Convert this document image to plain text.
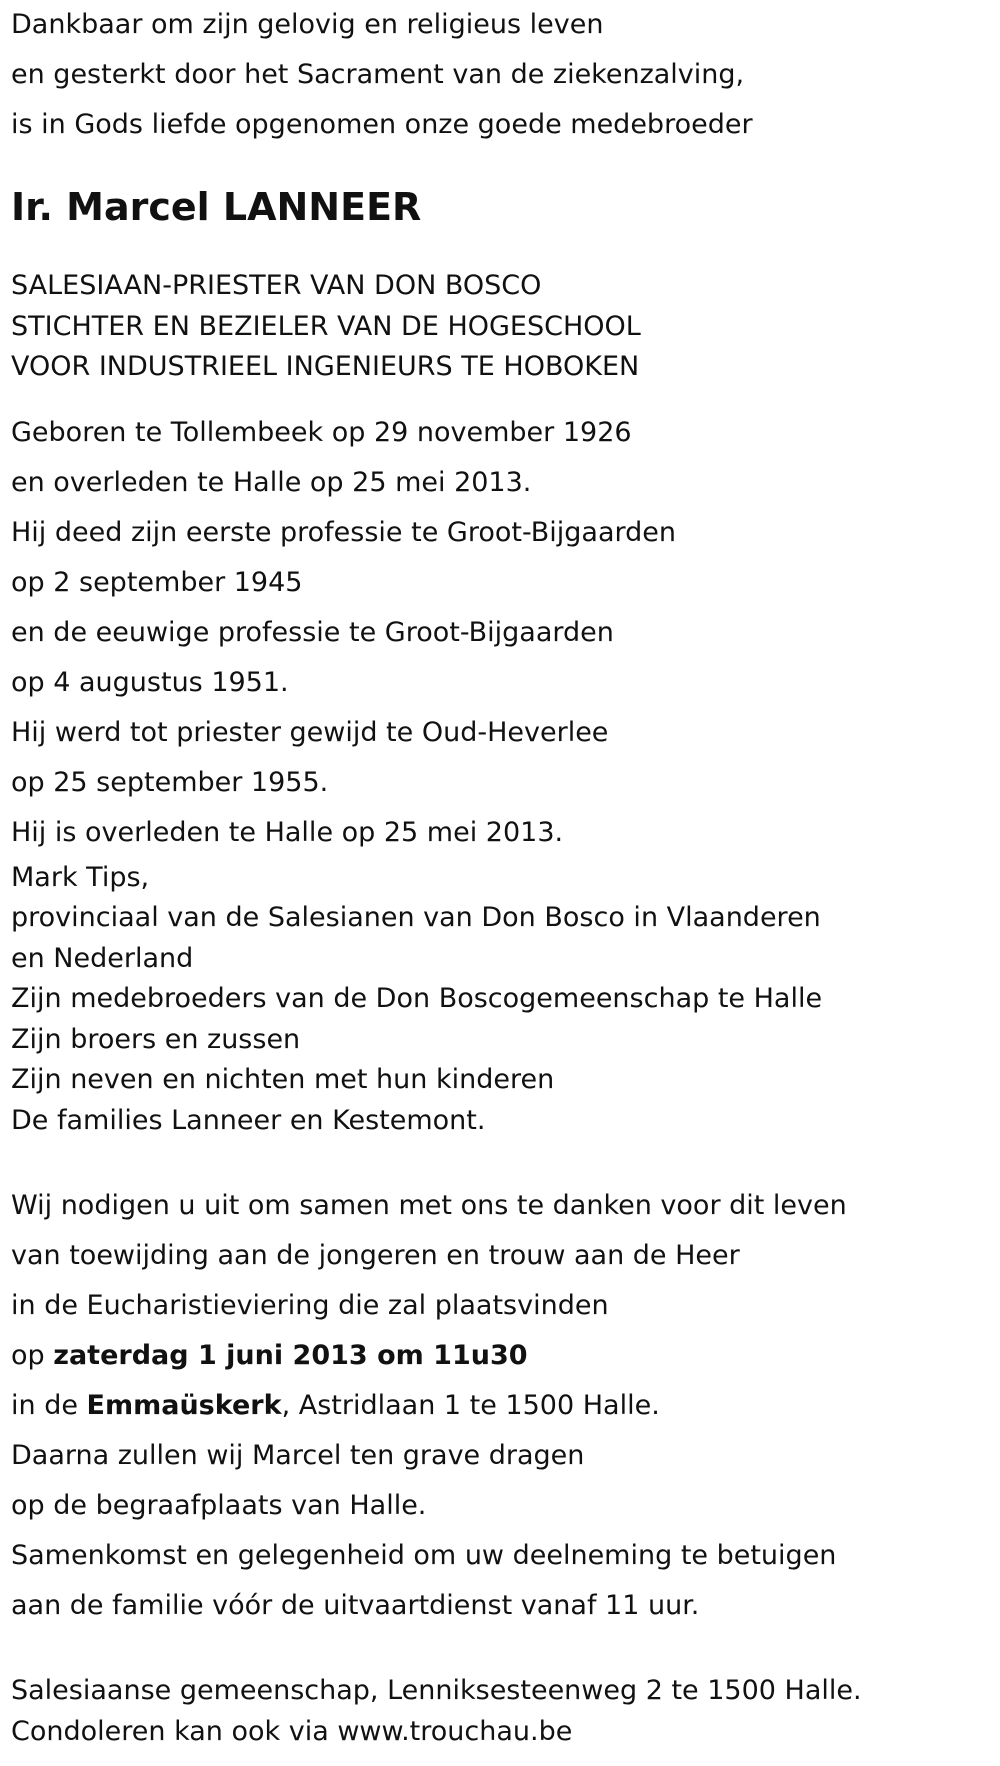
Dankbaar om zijn gelovig en religieus leven

en gesterkt door het Sacrament van de ziekenzalving,

is in Gods liefde opgenomen onze goede medebroeder

Ir. Marcel LANNEER

SALESIAAN-PRIESTER VAN DON BOSCO

STICHTER EN BEZIELER VAN DE HOGESCHOOL

VOOR INDUSTRIEEL INGENIEURS TE HOBOKEN

Geboren te Tollembeek op 29 november 1926

en overleden te Halle op 25 mei 2013.

Hij deed zijn eerste professie te Groot-Bijgaarden

op 2 september 1945

en de eeuwige professie te Groot-Bijgaarden

op 4 augustus 1951.

Hij werd tot priester gewijd te Oud-Heverlee

op 25 september 1955.

Hij is overleden te Halle op 25 mei 2013.

Mark Tips,

provinciaal van de Salesianen van Don Bosco in Vlaanderen

en Nederland

Zijn medebroeders van de Don Boscogemeenschap te Halle

Zijn broers en zussen

Zijn neven en nichten met hun kinderen

De families Lanneer en Kestemont.

Wij nodigen u uit om samen met ons te danken voor dit leven

van toewijding aan de jongeren en trouw aan de Heer

in de Eucharistieviering die zal plaatsvinden

op zaterdag 1 juni 2013 om 11u30

in de Emmaüskerk, Astridlaan 1 te 1500 Halle.

Daarna zullen wij Marcel ten grave dragen

op de begraafplaats van Halle.

Samenkomst en gelegenheid om uw deelneming te betuigen

aan de familie vóór de uitvaartdienst vanaf 11 uur.

Salesiaanse gemeenschap, Lenniksesteenweg 2 te 1500 Halle.

Condoleren kan ook via www.trouchau.be
